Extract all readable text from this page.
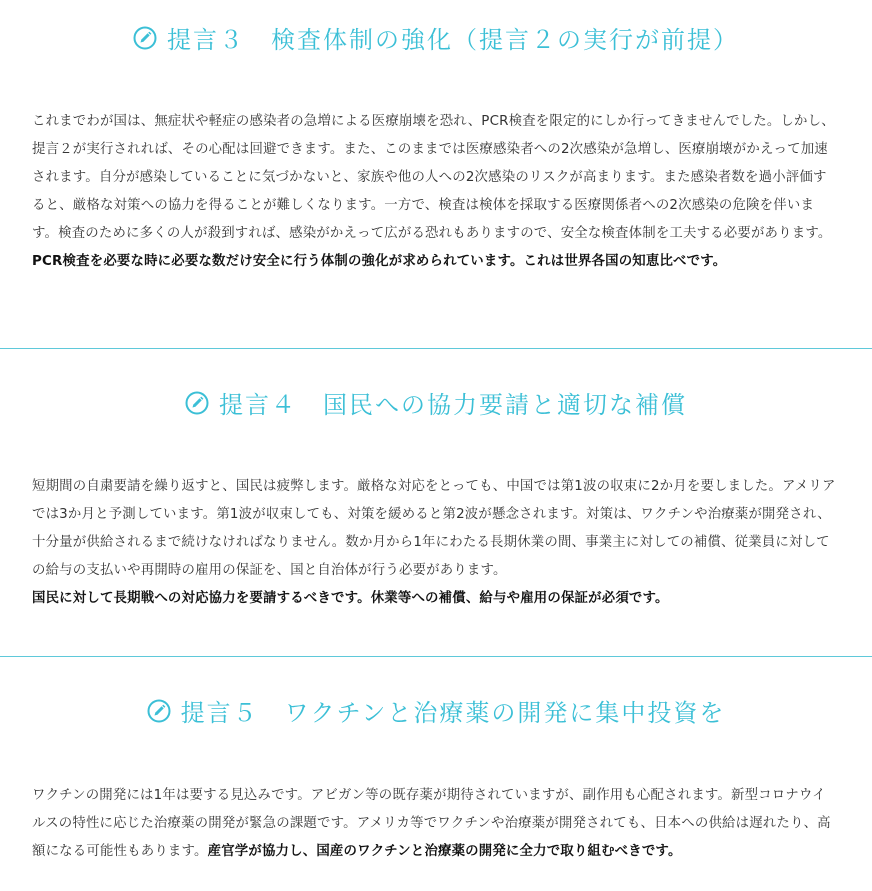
提言３　検査体制の強化（提言２の実行が前提）
これまでわが国は、無症状や軽症の感染者の急増による医療崩壊を恐れ、PCR検査を限定的にしか行ってきませんでした。しかし、提言２が実行されれば、その心配は回避できます。また、このままでは医療感染者への2次感染が急増し、医療崩壊がかえって加速されます。自分が感染していることに気づかないと、家族や他の人への2次感染のリスクが高まります。また感染者数を過小評価すると、厳格な対策への協力を得ることが難しくなります。一方で、検査は検体を採取する医療関係者への2次感染の危険を伴います。検査のために多くの人が殺到すれば、感染がかえって広がる恐れもありますので、安全な検査体制を工夫する必要があります。PCR検査を必要な時に必要な数だけ安全に行う体制の強化が求められています。これは世界各国の知恵比べです。
提言４　国民への協力要請と適切な補償
短期間の自粛要請を繰り返すと、国民は疲弊します。厳格な対応をとっても、中国では第1波の収束に2か月を要しました。アメリアでは3か月と予測しています。第1波が収束しても、対策を緩めると第2波が懸念されます。対策は、ワクチンや治療薬が開発され、十分量が供給されるまで続けなければなりません。数か月から1年にわたる長期休業の間、事業主に対しての補償、従業員に対しての給与の支払いや再開時の雇用の保証を、国と自治体が行う必要があります。
国民に対して長期戦への対応協力を要請するべきです。休業等への補償、給与や雇用の保証が必須です。
提言５　ワクチンと治療薬の開発に集中投資を
ワクチンの開発には1年は要する見込みです。アビガン等の既存薬が期待されていますが、副作用も心配されます。新型コロナウイルスの特性に応じた治療薬の開発が緊急の課題です。アメリカ等でワクチンや治療薬が開発されても、日本への供給は遅れたり、高額になる可能性もあります。産官学が協力し、国産のワクチンと治療薬の開発に全力で取り組むべきです。
